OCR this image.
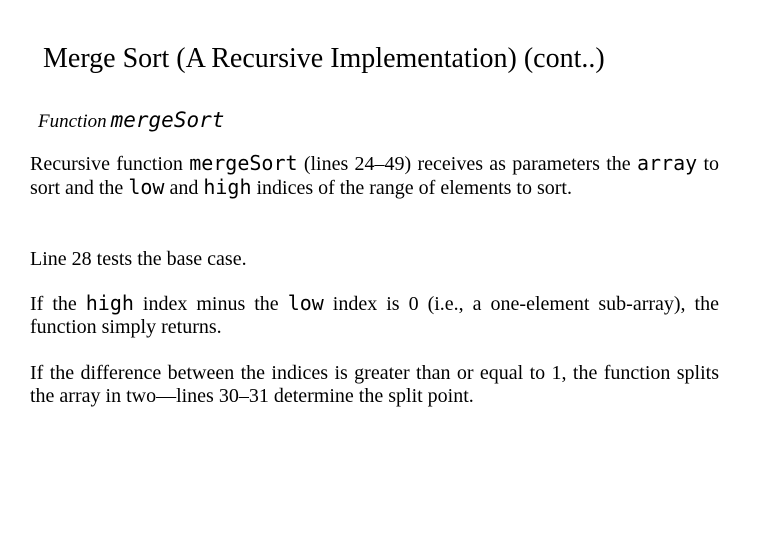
Merge Sort (A Recursive Implementation) (cont..)
Function mergeSort
Recursive function mergeSort (lines 24–49) receives as parameters the array to sort and the low and high indices of the range of elements to sort.
Line 28 tests the base case.
If the high index minus the low index is 0 (i.e., a one-element sub-array), the function simply returns.
If the difference between the indices is greater than or equal to 1, the function splits the array in two—lines 30–31 determine the split point.
